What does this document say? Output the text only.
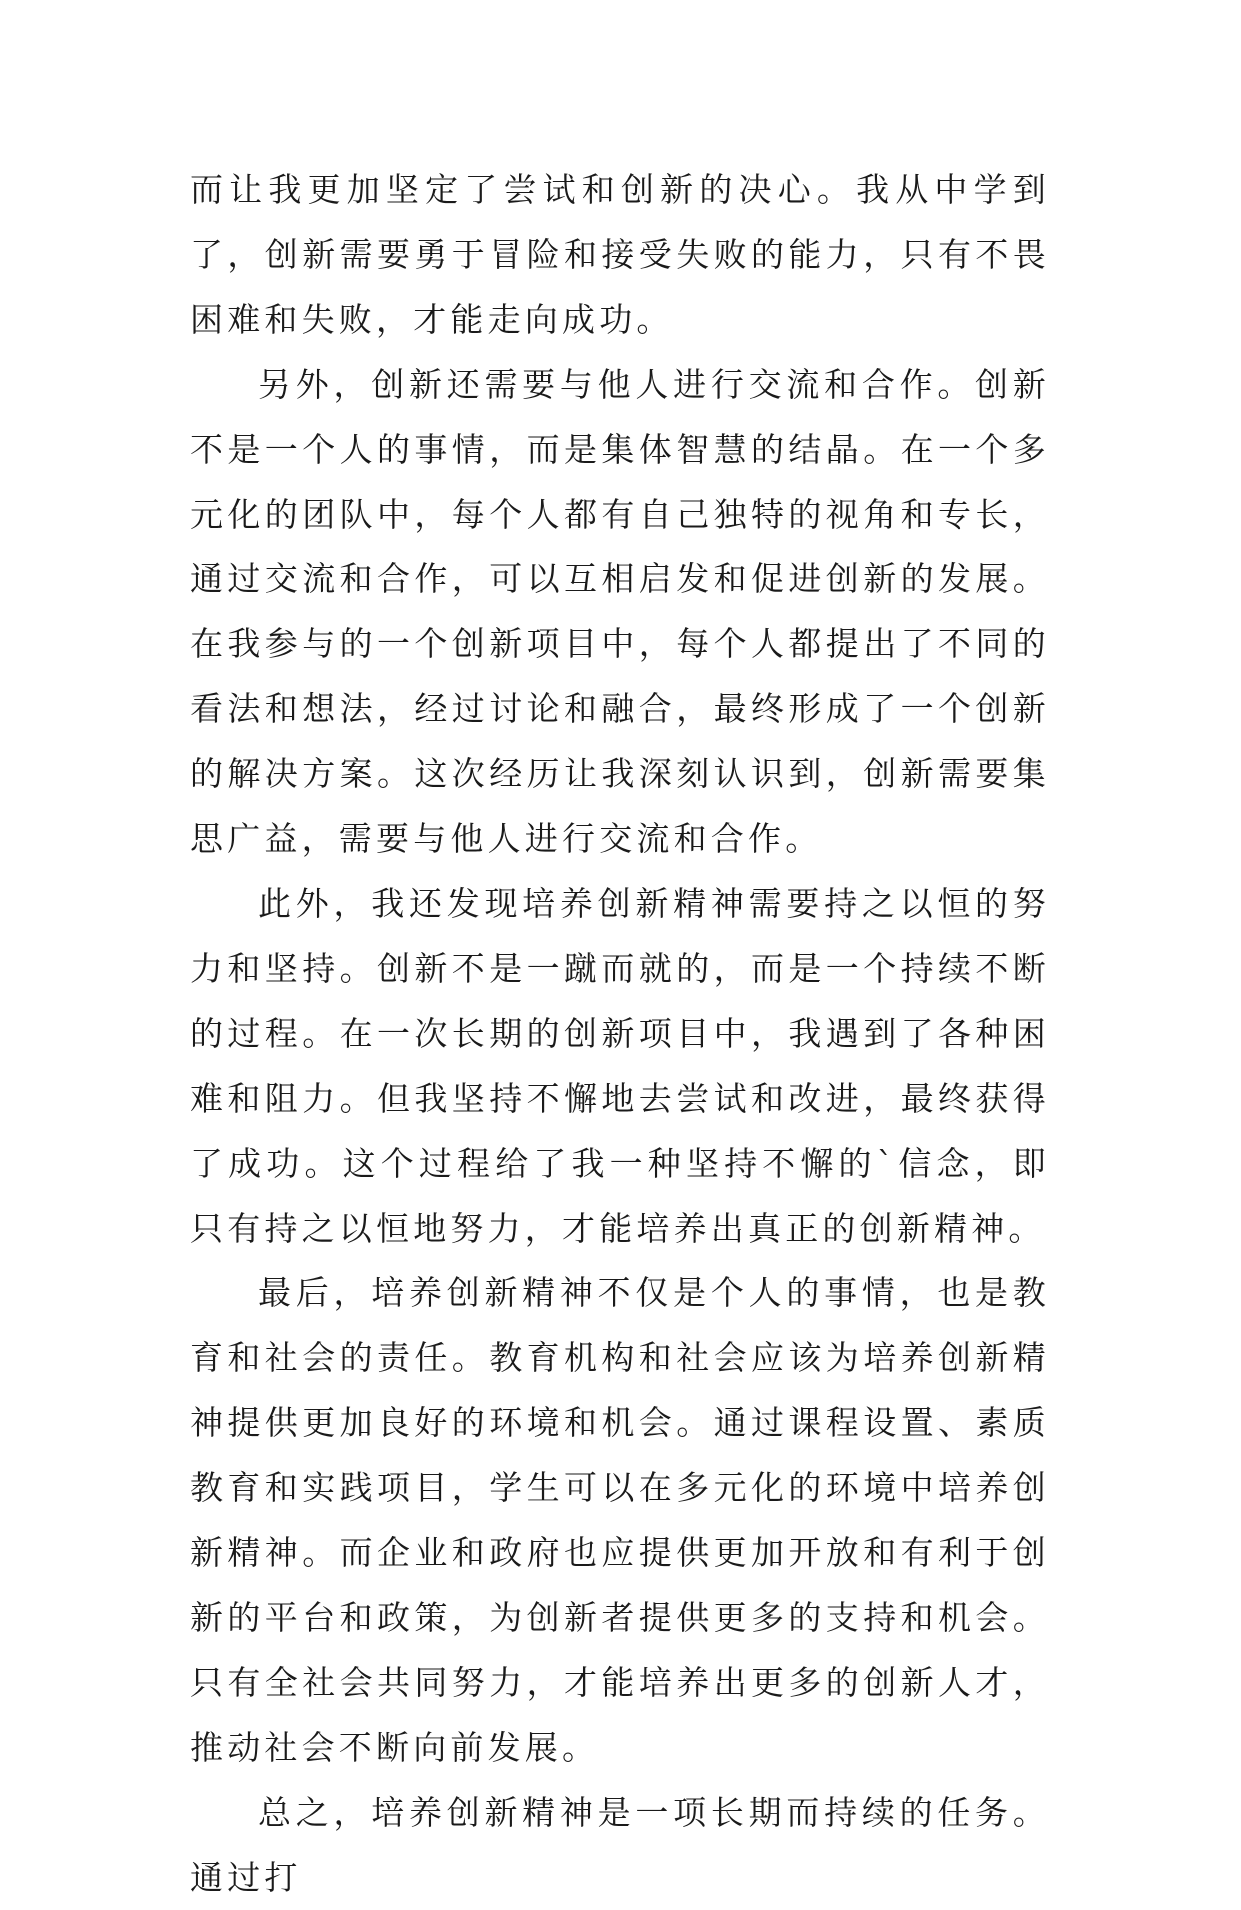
而让我更加坚定了尝试和创新的决心。我从中学到了，创新需要勇于冒险和接受失败的能力，只有不畏困难和失败，才能走向成功。

另外，创新还需要与他人进行交流和合作。创新不是一个人的事情，而是集体智慧的结晶。在一个多元化的团队中，每个人都有自己独特的视角和专长，通过交流和合作，可以互相启发和促进创新的发展。在我参与的一个创新项目中，每个人都提出了不同的看法和想法，经过讨论和融合，最终形成了一个创新的解决方案。这次经历让我深刻认识到，创新需要集思广益，需要与他人进行交流和合作。

此外，我还发现培养创新精神需要持之以恒的努力和坚持。创新不是一蹴而就的，而是一个持续不断的过程。在一次长期的创新项目中，我遇到了各种困难和阻力。但我坚持不懈地去尝试和改进，最终获得了成功。这个过程给了我一种坚持不懈的`信念，即只有持之以恒地努力，才能培养出真正的创新精神。

最后，培养创新精神不仅是个人的事情，也是教育和社会的责任。教育机构和社会应该为培养创新精神提供更加良好的环境和机会。通过课程设置、素质教育和实践项目，学生可以在多元化的环境中培养创新精神。而企业和政府也应提供更加开放和有利于创新的平台和政策，为创新者提供更多的支持和机会。只有全社会共同努力，才能培养出更多的创新人才，推动社会不断向前发展。

总之，培养创新精神是一项长期而持续的任务。通过打
